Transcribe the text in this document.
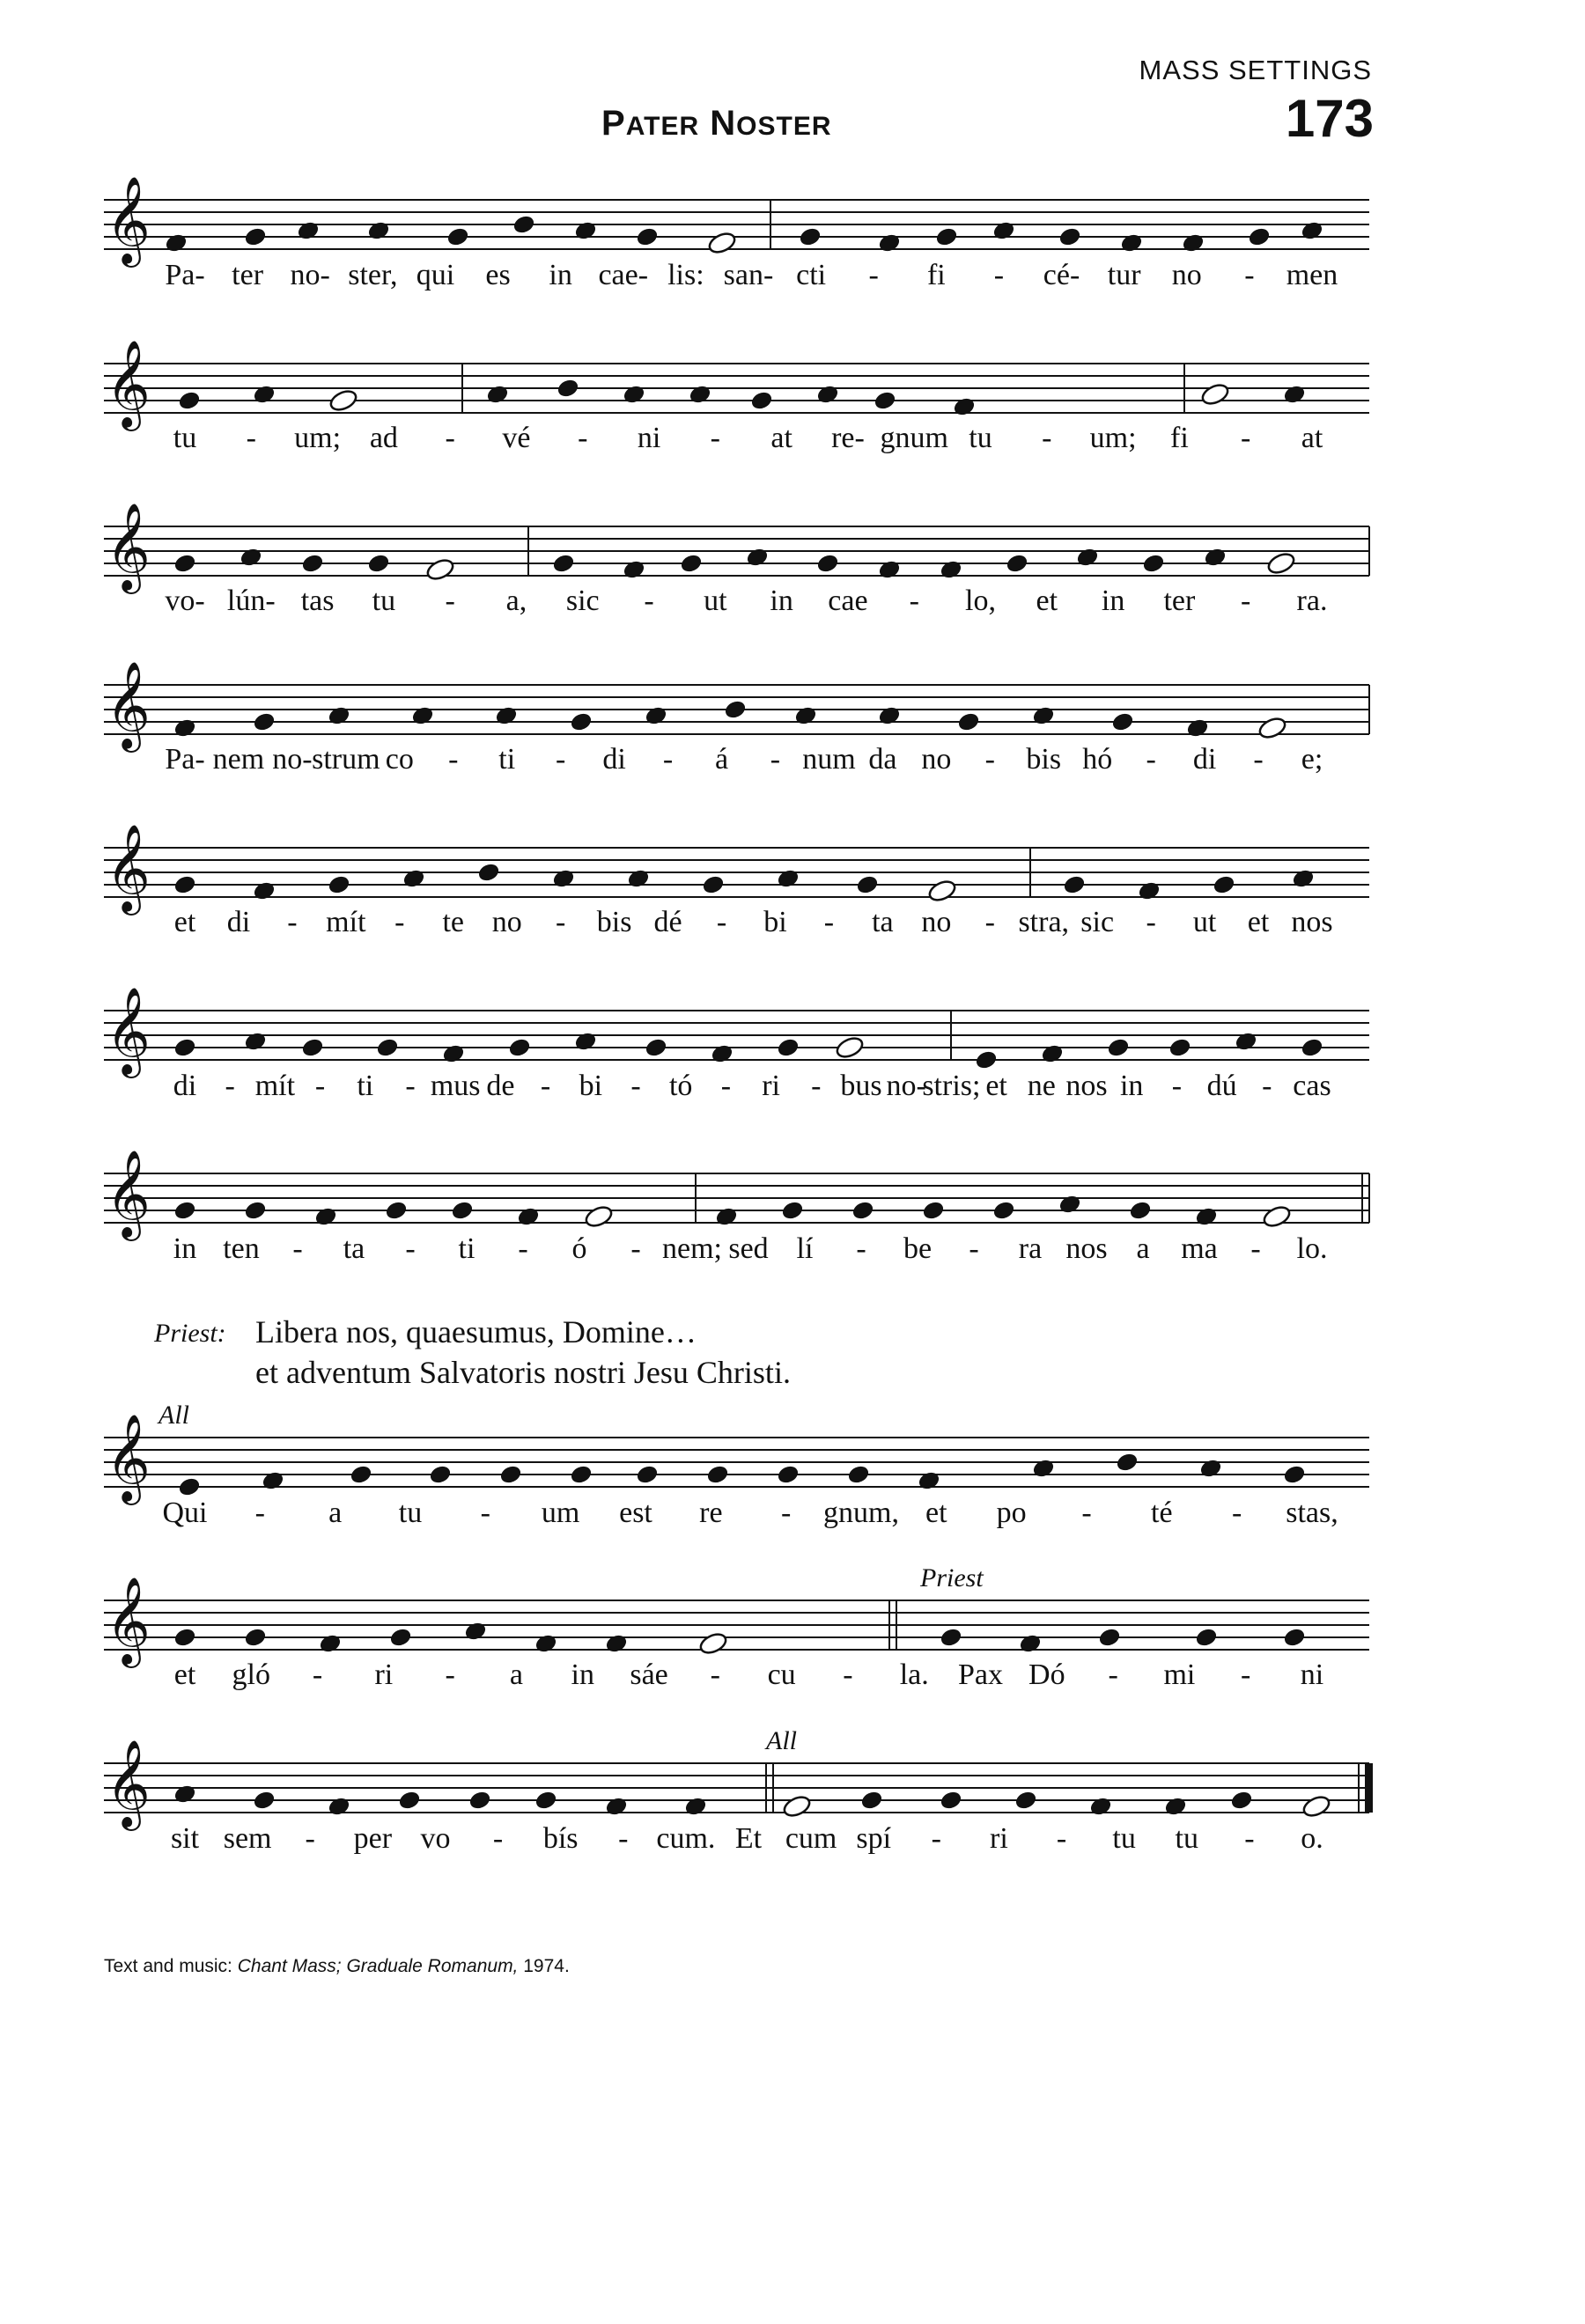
MASS SETTINGS
173
PATER NOSTER
𝄞
𝄞
𝄞
𝄞
𝄞
𝄞
𝄞
𝄞
𝄞
𝄞
Pa- ter no- ster, qui es in cae- lis: san- cti - fi - cé- tur no - men
tu - um; ad - vé - ni - at re- gnum tu - um; fi - at
vo- lún- tas tu - a, sic - ut in cae - lo, et in ter - ra.
Pa- nem no- strum co - ti - di - á - num da no - bis hó - di - e;
et di - mít - te no - bis dé - bi - ta no - stra, sic - ut et nos
di - mít - ti - mus de - bi - tó - ri - bus no-
stris; et ne nos in - dú - cas
in ten - ta - ti - ó - nem; sed lí - be - ra nos a ma - lo.
Qui - a tu - um est re - gnum, et po - té - stas,
All
et gló - ri - a in sáe - cu - la. Pax Dó - mi - ni
Priest
sit sem - per vo - bís - cum. Et cum spí - ri - tu tu - o.
All
Priest: Libera nos, quaesumus, Domine…
et adventum Salvatoris nostri Jesu Christi.
Text and music: Chant Mass; Graduale Romanum, 1974.
